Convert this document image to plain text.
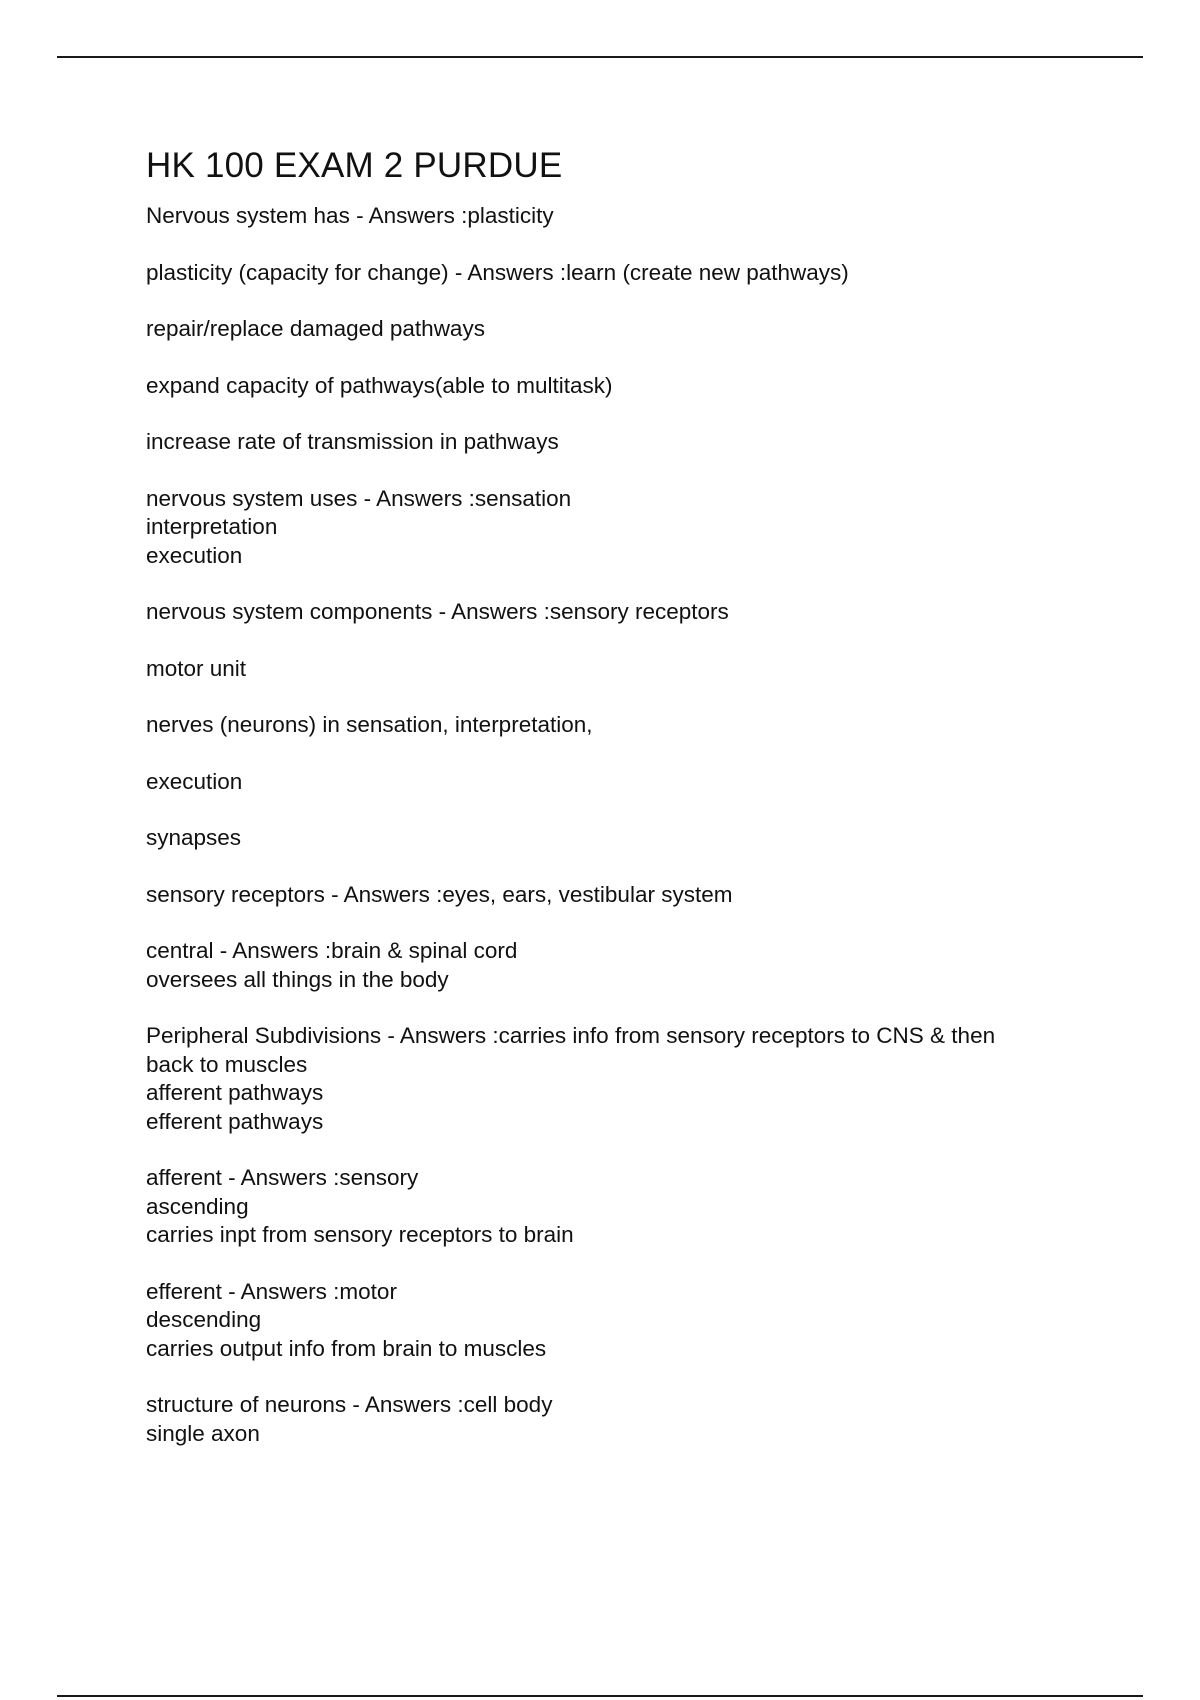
HK 100 EXAM 2 PURDUE

Nervous system has - Answers :plasticity

plasticity (capacity for change) - Answers :learn (create new pathways)

repair/replace damaged pathways

expand capacity of pathways(able to multitask)

increase rate of transmission in pathways

nervous system uses - Answers :sensation
interpretation
execution

nervous system components - Answers :sensory receptors

motor unit

nerves (neurons) in sensation, interpretation,

execution

synapses

sensory receptors - Answers :eyes, ears, vestibular system

central - Answers :brain & spinal cord
oversees all things in the body

Peripheral Subdivisions - Answers :carries info from sensory receptors to CNS & then
back to muscles
afferent pathways
efferent pathways

afferent - Answers :sensory
ascending
carries inpt from sensory receptors to brain

efferent - Answers :motor
descending
carries output info from brain to muscles

structure of neurons - Answers :cell body
single axon
